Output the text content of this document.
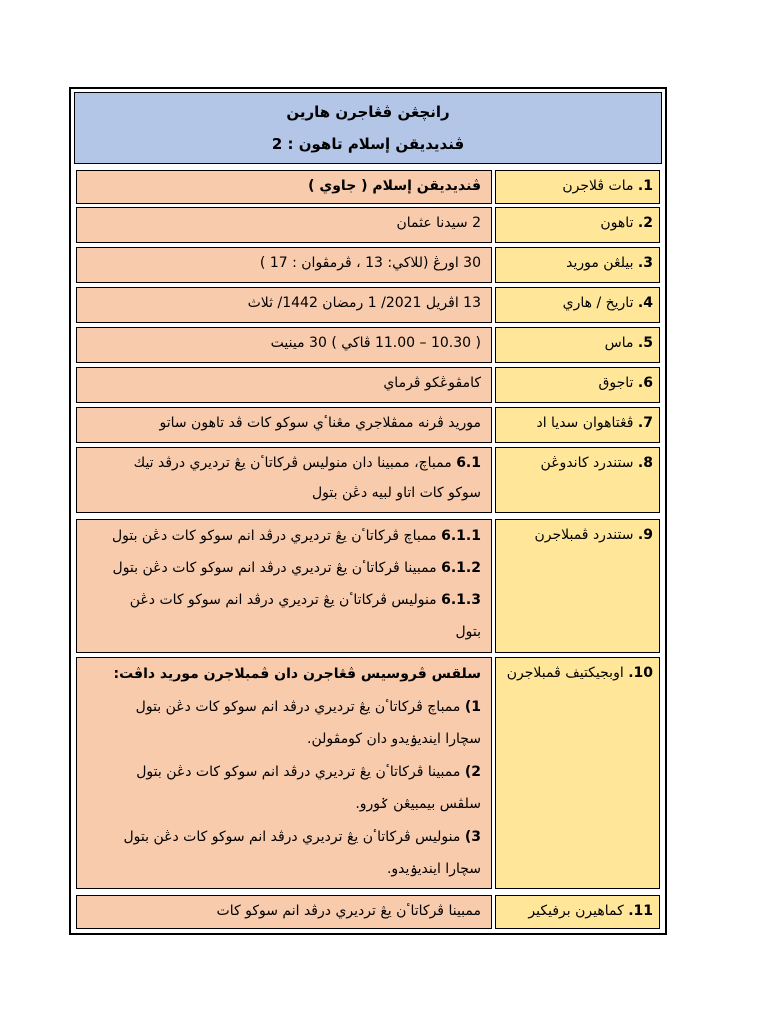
رانچڠن ڤڠاجرن هارين
ڤنديديقن إسلام تاهون : 2
1. مات ڤلاجرن
ڤنديديقن إسلام ( جاوي )
2. تاهون
2 سيدنا عثمان
3. بيلڠن موريد
30 اورڠ (للاكي: 13 ، ڤرمڤوان : 17 )
4. تاريخ / هاري
13 اڤريل 2021/ 1 رمضان 1442/ ثلاث
5. ماس
( 10.30 – 11.00 ڤاكي ) 30 مينيت
6. تاجوق
كامڤوڠكو ڤرماي
7. ڤڠتاهوان سديا اد
موريد ڤرنه ممڤلاجري مڠناٴي سوكو كات ڤد تاهون ساتو
8. ستندرد كاندوڠن
6.1 ممباچ، ممبينا دان منوليس ڤركاتاٴن يڠ ترديري درڤد تيك
سوكو كات اتاو لبيه دڠن بتول
9. ستندرد ڤمبلاجرن
6.1.1 ممباچ ڤركاتاٴن يڠ ترديري درڤد انم سوكو كات دڠن بتول
6.1.2 ممبينا ڤركاتاٴن يڠ ترديري درڤد انم سوكو كات دڠن بتول
6.1.3 منوليس ڤركاتاٴن يڠ ترديري درڤد انم سوكو كات دڠن
بتول
10. اوبجيكتيف ڤمبلاجرن
سلقس ڤروسيس ڤڠاجرن دان ڤمبلاجرن موريد داڤت:
1) ممباچ ڤركاتاٴن يڠ ترديري درڤد انم سوكو كات دڠن بتول
سچارا اينديۏيدو دان كومڤولن.
2) ممبينا ڤركاتاٴن يڠ ترديري درڤد انم سوكو كات دڠن بتول
سلڤس بيمبيڠن ݢورو.
3) منوليس ڤركاتاٴن يڠ ترديري درڤد انم سوكو كات دڠن بتول
سچارا اينديۏيدو.
11. كماهيرن برفيكير
ممبينا ڤركاتاٴن يڠ ترديري درڤد انم سوكو كات
